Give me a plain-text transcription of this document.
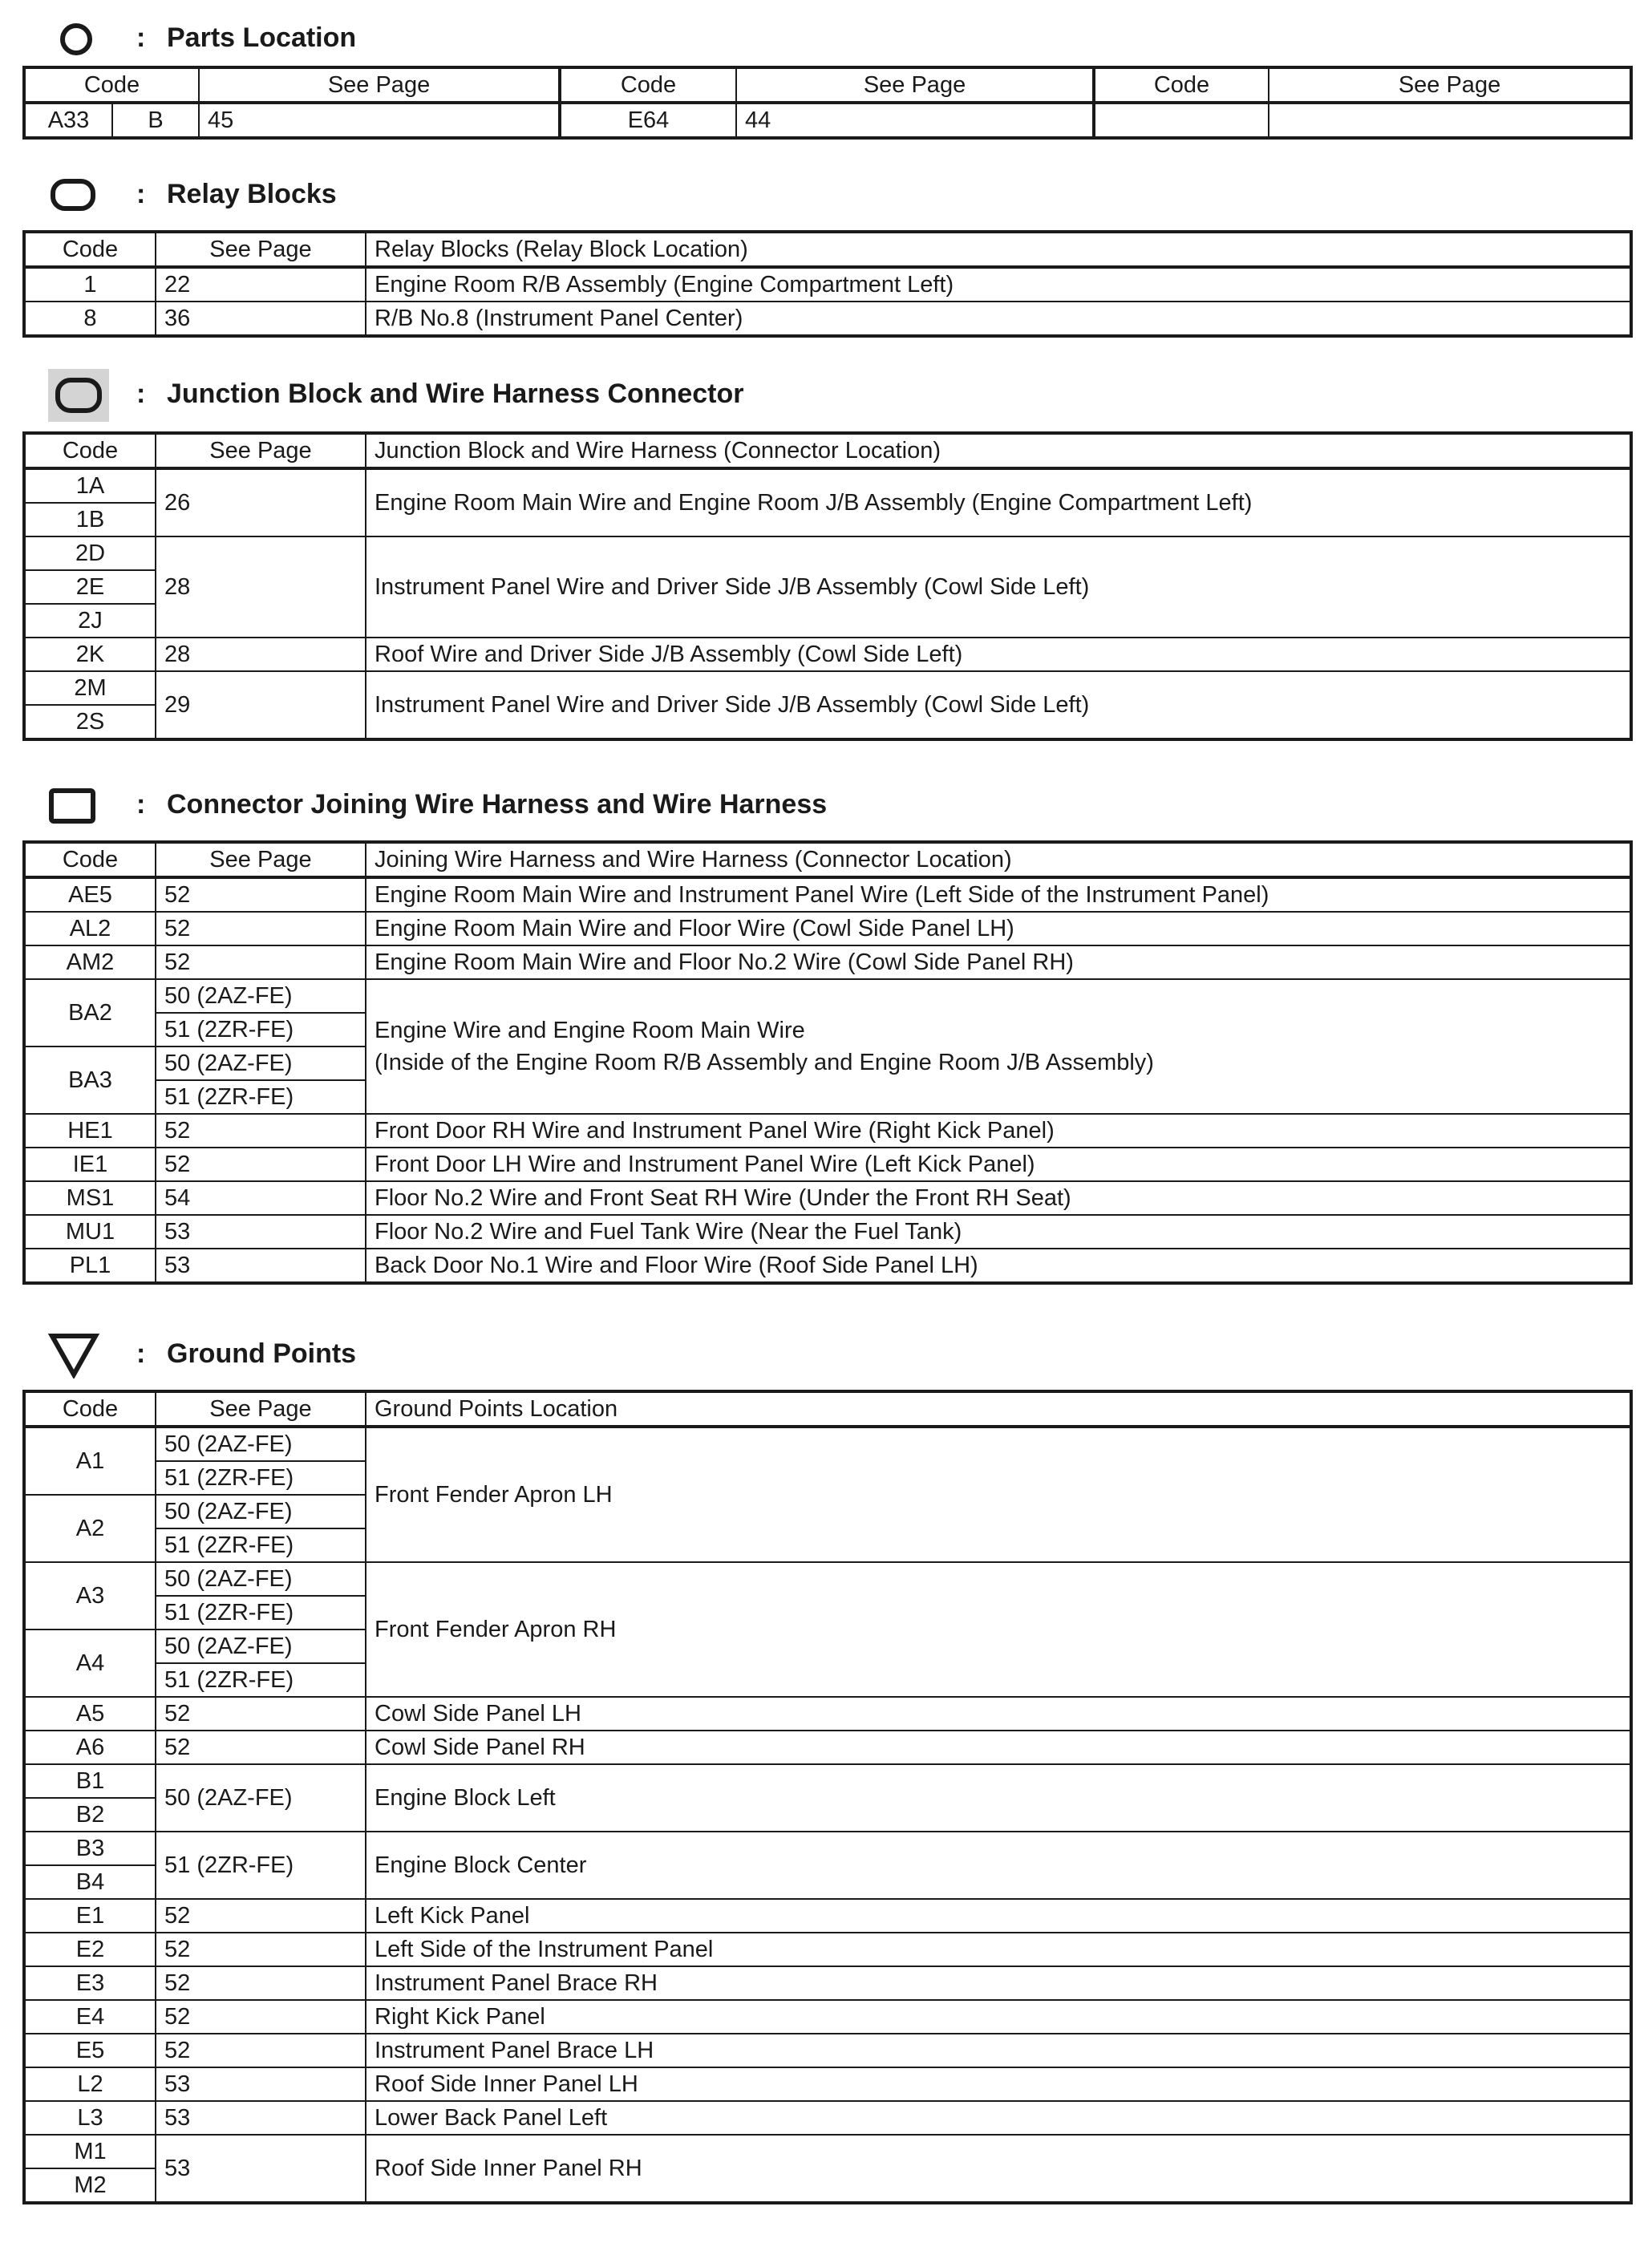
: Parts Location
Code		See Page	Code	See Page	Code	See Page
A33	B	45	E64	44		
: Relay Blocks
Code	See Page	Relay Blocks (Relay Block Location)
1	22	Engine Room R/B Assembly (Engine Compartment Left)
8	36	R/B No.8 (Instrument Panel Center)
: Junction Block and Wire Harness Connector
Code	See Page	Junction Block and Wire Harness (Connector Location)
1A	26	Engine Room Main Wire and Engine Room J/B Assembly (Engine Compartment Left)
1B		
2D	28	Instrument Panel Wire and Driver Side J/B Assembly (Cowl Side Left)
2E		
2J		
2K	28	Roof Wire and Driver Side J/B Assembly (Cowl Side Left)
2M	29	Instrument Panel Wire and Driver Side J/B Assembly (Cowl Side Left)
2S		
: Connector Joining Wire Harness and Wire Harness
Code	See Page	Joining Wire Harness and Wire Harness (Connector Location)
AE5	52	Engine Room Main Wire and Instrument Panel Wire (Left Side of the Instrument Panel)
AL2	52	Engine Room Main Wire and Floor Wire (Cowl Side Panel LH)
AM2	52	Engine Room Main Wire and Floor No.2 Wire (Cowl Side Panel RH)
BA2	50 (2AZ-FE)	Engine Wire and Engine Room Main Wire
(Inside of the Engine Room R/B Assembly and Engine Room J/B Assembly)
	51 (2ZR-FE)	
BA3	50 (2AZ-FE)	
	51 (2ZR-FE)	
HE1	52	Front Door RH Wire and Instrument Panel Wire (Right Kick Panel)
IE1	52	Front Door LH Wire and Instrument Panel Wire (Left Kick Panel)
MS1	54	Floor No.2 Wire and Front Seat RH Wire (Under the Front RH Seat)
MU1	53	Floor No.2 Wire and Fuel Tank Wire (Near the Fuel Tank)
PL1	53	Back Door No.1 Wire and Floor Wire (Roof Side Panel LH)
: Ground Points
Code	See Page	Ground Points Location
A1	50 (2AZ-FE)	Front Fender Apron LH
	51 (2ZR-FE)	
A2	50 (2AZ-FE)	
	51 (2ZR-FE)	
A3	50 (2AZ-FE)	Front Fender Apron RH
	51 (2ZR-FE)	
A4	50 (2AZ-FE)	
	51 (2ZR-FE)	
A5	52	Cowl Side Panel LH
A6	52	Cowl Side Panel RH
B1	50 (2AZ-FE)	Engine Block Left
B2		
B3	51 (2ZR-FE)	Engine Block Center
B4		
E1	52	Left Kick Panel
E2	52	Left Side of the Instrument Panel
E3	52	Instrument Panel Brace RH
E4	52	Right Kick Panel
E5	52	Instrument Panel Brace LH
L2	53	Roof Side Inner Panel LH
L3	53	Lower Back Panel Left
M1	53	Roof Side Inner Panel RH
M2		
